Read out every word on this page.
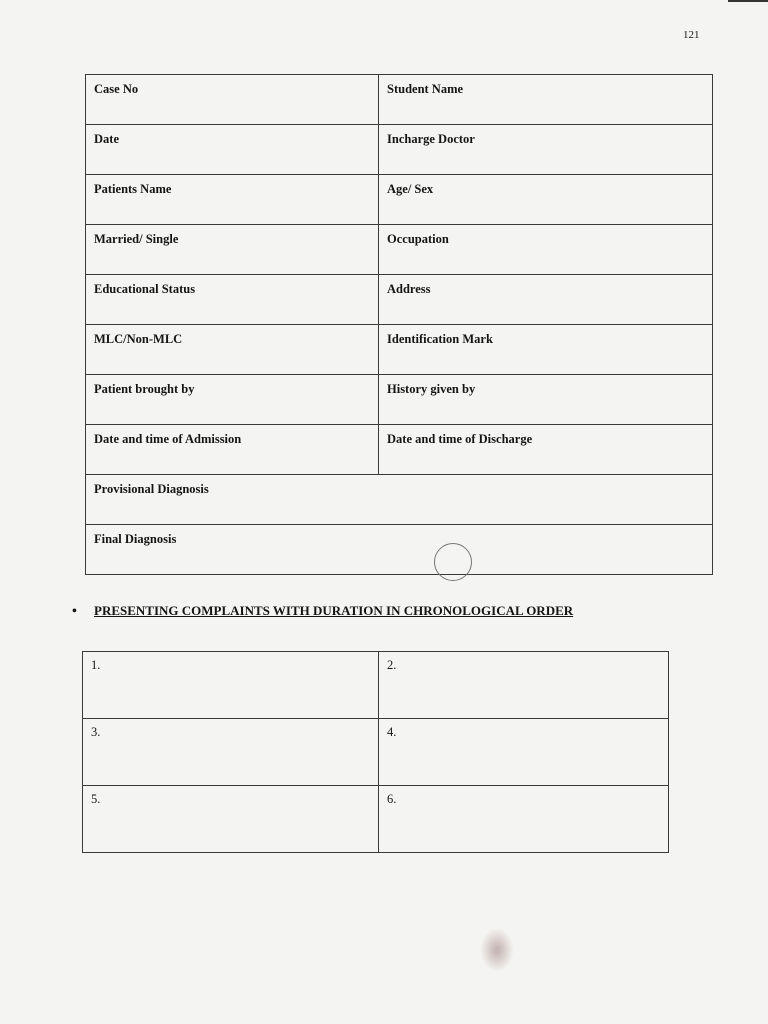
121
Case No	Student Name
Date	Incharge Doctor
Patients Name	Age/ Sex
Married/ Single	Occupation
Educational Status	Address
MLC/Non-MLC	Identification Mark
Patient brought by	History given by
Date and time of Admission	Date and time of Discharge
Provisional Diagnosis	
Final Diagnosis	
• PRESENTING COMPLAINTS WITH DURATION IN CHRONOLOGICAL ORDER
1.	2.
3.	4.
5.	6.
